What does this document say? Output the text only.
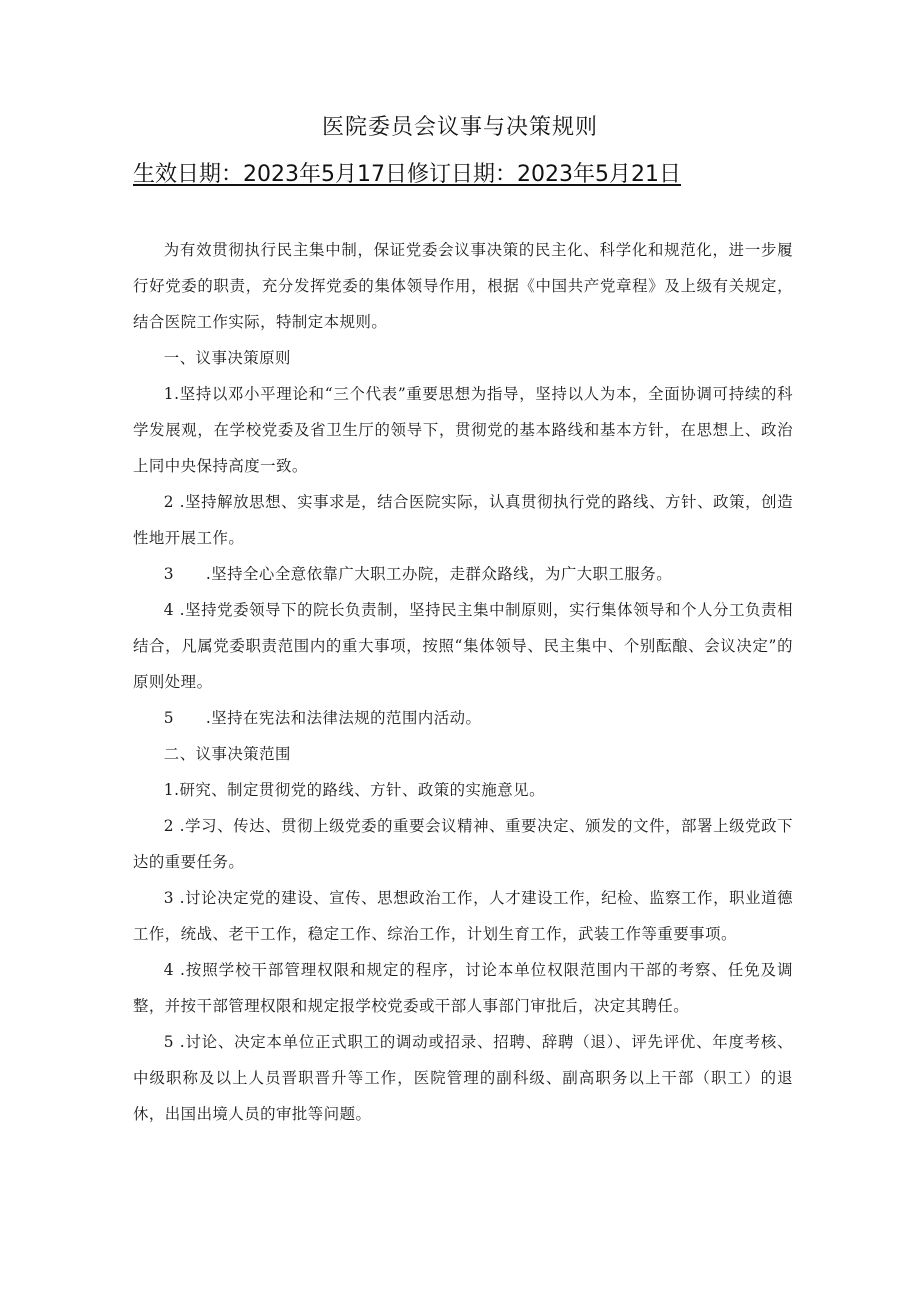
医院委员会议事与决策规则
生效日期：2023年5月17日修订日期：2023年5月21日

为有效贯彻执行民主集中制，保证党委会议事决策的民主化、科学化和规范化，进一步履行好党委的职责，充分发挥党委的集体领导作用，根据《中国共产党章程》及上级有关规定，结合医院工作实际，特制定本规则。

一、议事决策原则

1.坚持以邓小平理论和“三个代表”重要思想为指导，坚持以人为本，全面协调可持续的科学发展观，在学校党委及省卫生厅的领导下，贯彻党的基本路线和基本方针，在思想上、政治上同中央保持高度一致。

2 .坚持解放思想、实事求是，结合医院实际，认真贯彻执行党的路线、方针、政策，创造性地开展工作。

3　　.坚持全心全意依靠广大职工办院，走群众路线，为广大职工服务。

4 .坚持党委领导下的院长负责制，坚持民主集中制原则，实行集体领导和个人分工负责相结合，凡属党委职责范围内的重大事项，按照“集体领导、民主集中、个别酝酿、会议决定”的原则处理。

5　　.坚持在宪法和法律法规的范围内活动。

二、议事决策范围

1.研究、制定贯彻党的路线、方针、政策的实施意见。

2 .学习、传达、贯彻上级党委的重要会议精神、重要决定、颁发的文件，部署上级党政下达的重要任务。

3 .讨论决定党的建设、宣传、思想政治工作，人才建设工作，纪检、监察工作，职业道德工作，统战、老干工作，稳定工作、综治工作，计划生育工作，武装工作等重要事项。

4 .按照学校干部管理权限和规定的程序，讨论本单位权限范围内干部的考察、任免及调整，并按干部管理权限和规定报学校党委或干部人事部门审批后，决定其聘任。

5 .讨论、决定本单位正式职工的调动或招录、招聘、辞聘（退）、评先评优、年度考核、中级职称及以上人员晋职晋升等工作，医院管理的副科级、副高职务以上干部（职工）的退休，出国出境人员的审批等问题。
